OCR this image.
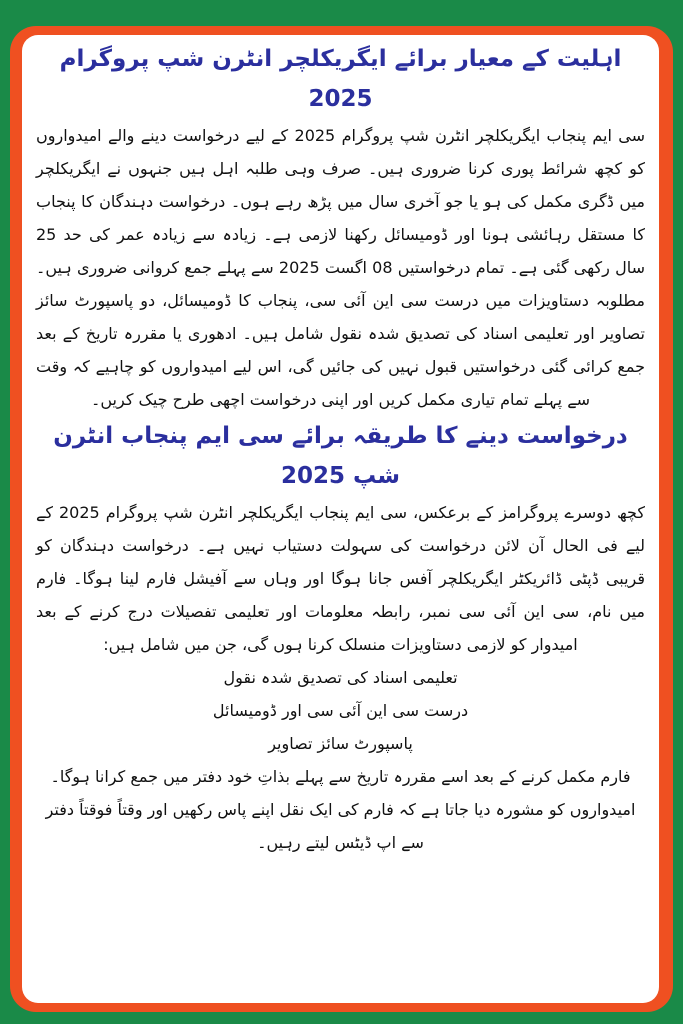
اہلیت کے معیار برائے ایگریکلچر انٹرن شپ پروگرام 2025

سی ایم پنجاب ایگریکلچر انٹرن شپ پروگرام 2025 کے لیے درخواست دینے والے امیدواروں کو کچھ شرائط پوری کرنا ضروری ہیں۔ صرف وہی طلبہ اہل ہیں جنہوں نے ایگریکلچر میں ڈگری مکمل کی ہو یا جو آخری سال میں پڑھ رہے ہوں۔ درخواست دہندگان کا پنجاب کا مستقل رہائشی ہونا اور ڈومیسائل رکھنا لازمی ہے۔ زیادہ سے زیادہ عمر کی حد 25 سال رکھی گئی ہے۔ تمام درخواستیں 08 اگست 2025 سے پہلے جمع کروانی ضروری ہیں۔ مطلوبہ دستاویزات میں درست سی این آئی سی، پنجاب کا ڈومیسائل، دو پاسپورٹ سائز تصاویر اور تعلیمی اسناد کی تصدیق شدہ نقول شامل ہیں۔ ادھوری یا مقررہ تاریخ کے بعد جمع کرائی گئی درخواستیں قبول نہیں کی جائیں گی، اس لیے امیدواروں کو چاہیے کہ وقت سے پہلے تمام تیاری مکمل کریں اور اپنی درخواست اچھی طرح چیک کریں۔

درخواست دینے کا طریقہ برائے سی ایم پنجاب انٹرن شپ 2025

کچھ دوسرے پروگرامز کے برعکس، سی ایم پنجاب ایگریکلچر انٹرن شپ پروگرام 2025 کے لیے فی الحال آن لائن درخواست کی سہولت دستیاب نہیں ہے۔ درخواست دہندگان کو قریبی ڈپٹی ڈائریکٹر ایگریکلچر آفس جانا ہوگا اور وہاں سے آفیشل فارم لینا ہوگا۔ فارم میں نام، سی این آئی سی نمبر، رابطہ معلومات اور تعلیمی تفصیلات درج کرنے کے بعد امیدوار کو لازمی دستاویزات منسلک کرنا ہوں گی، جن میں شامل ہیں:

تعلیمی اسناد کی تصدیق شدہ نقول
درست سی این آئی سی اور ڈومیسائل
پاسپورٹ سائز تصاویر

فارم مکمل کرنے کے بعد اسے مقررہ تاریخ سے پہلے بذاتِ خود دفتر میں جمع کرانا ہوگا۔

امیدواروں کو مشورہ دیا جاتا ہے کہ فارم کی ایک نقل اپنے پاس رکھیں اور وقتاً فوقتاً دفتر سے اپ ڈیٹس لیتے رہیں۔
